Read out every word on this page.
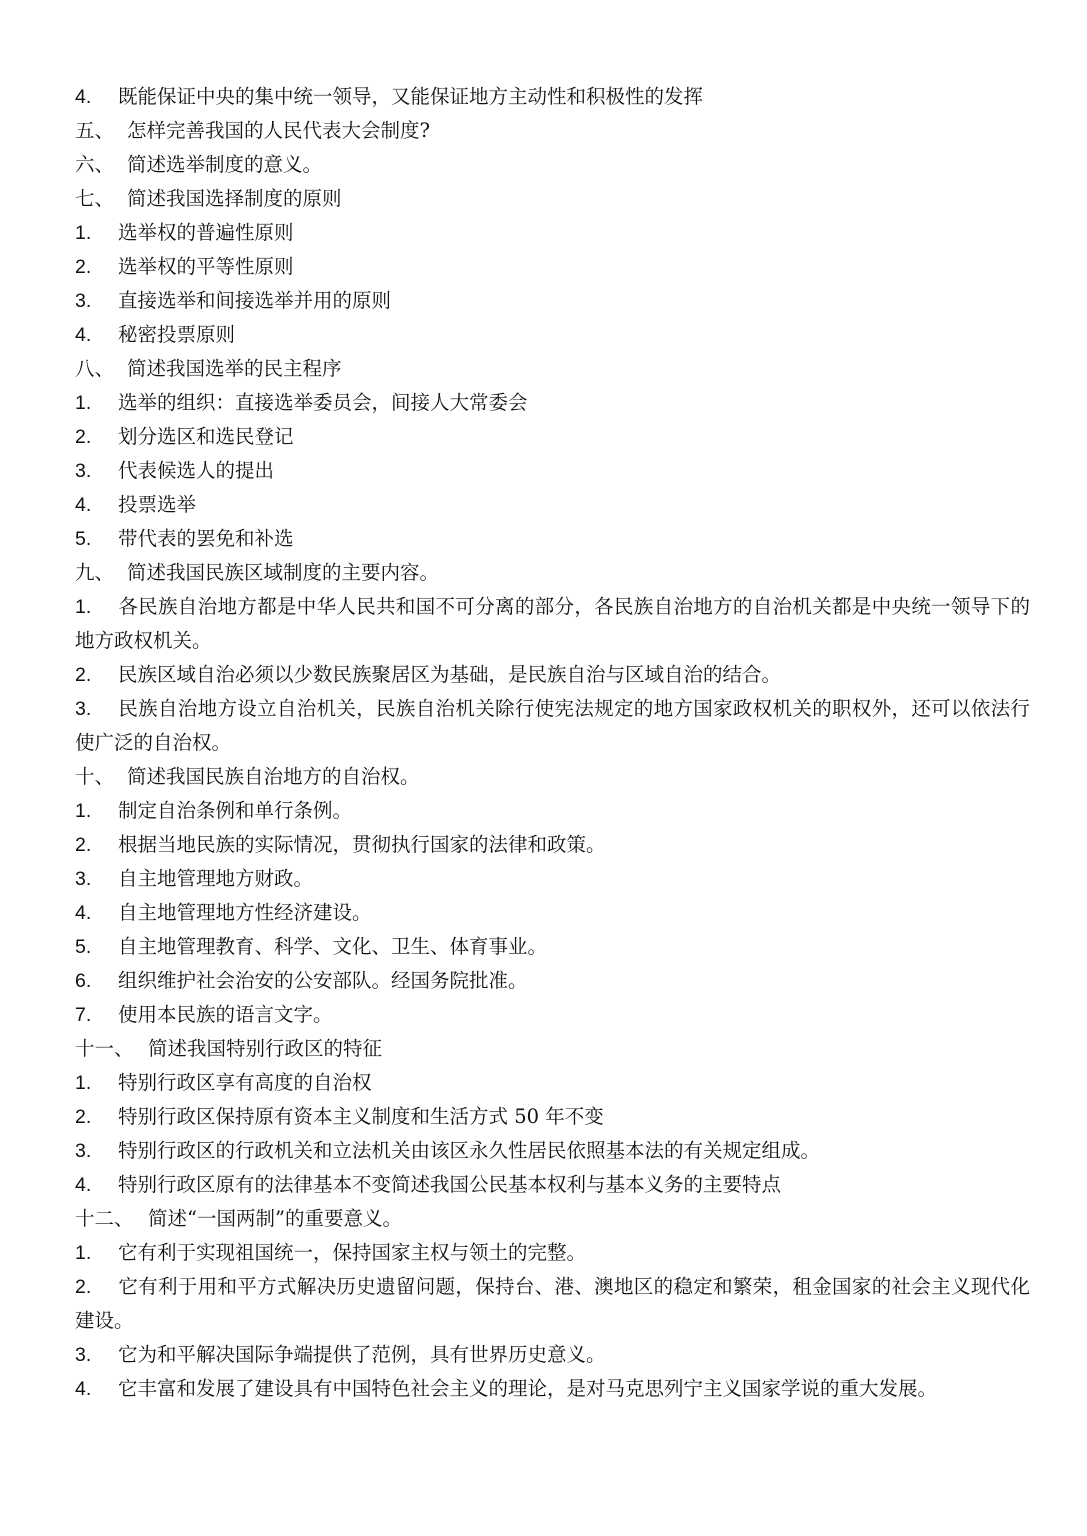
4. 既能保证中央的集中统一领导，又能保证地方主动性和积极性的发挥

五、 怎样完善我国的人民代表大会制度?

六、 简述选举制度的意义。

七、 简述我国选择制度的原则

1. 选举权的普遍性原则

2. 选举权的平等性原则

3. 直接选举和间接选举并用的原则

4. 秘密投票原则

八、 简述我国选举的民主程序

1. 选举的组织：直接选举委员会，间接人大常委会

2. 划分选区和选民登记

3. 代表候选人的提出

4. 投票选举

5. 带代表的罢免和补选

九、 简述我国民族区域制度的主要内容。

1. 各民族自治地方都是中华人民共和国不可分离的部分，各民族自治地方的自治机关都是中央统一领导下的地方政权机关。

2. 民族区域自治必须以少数民族聚居区为基础，是民族自治与区域自治的结合。

3. 民族自治地方设立自治机关，民族自治机关除行使宪法规定的地方国家政权机关的职权外，还可以依法行使广泛的自治权。

十、 简述我国民族自治地方的自治权。

1. 制定自治条例和单行条例。

2. 根据当地民族的实际情况，贯彻执行国家的法律和政策。

3. 自主地管理地方财政。

4. 自主地管理地方性经济建设。

5. 自主地管理教育、科学、文化、卫生、体育事业。

6. 组织维护社会治安的公安部队。经国务院批准。

7. 使用本民族的语言文字。

十一、 简述我国特别行政区的特征

1. 特别行政区享有高度的自治权

2. 特别行政区保持原有资本主义制度和生活方式 50 年不变

3. 特别行政区的行政机关和立法机关由该区永久性居民依照基本法的有关规定组成。

4. 特别行政区原有的法律基本不变简述我国公民基本权利与基本义务的主要特点

十二、 简述“一国两制”的重要意义。

1. 它有利于实现祖国统一，保持国家主权与领土的完整。

2. 它有利于用和平方式解决历史遗留问题，保持台、港、澳地区的稳定和繁荣，租金国家的社会主义现代化建设。

3. 它为和平解决国际争端提供了范例，具有世界历史意义。

4. 它丰富和发展了建设具有中国特色社会主义的理论，是对马克思列宁主义国家学说的重大发展。
